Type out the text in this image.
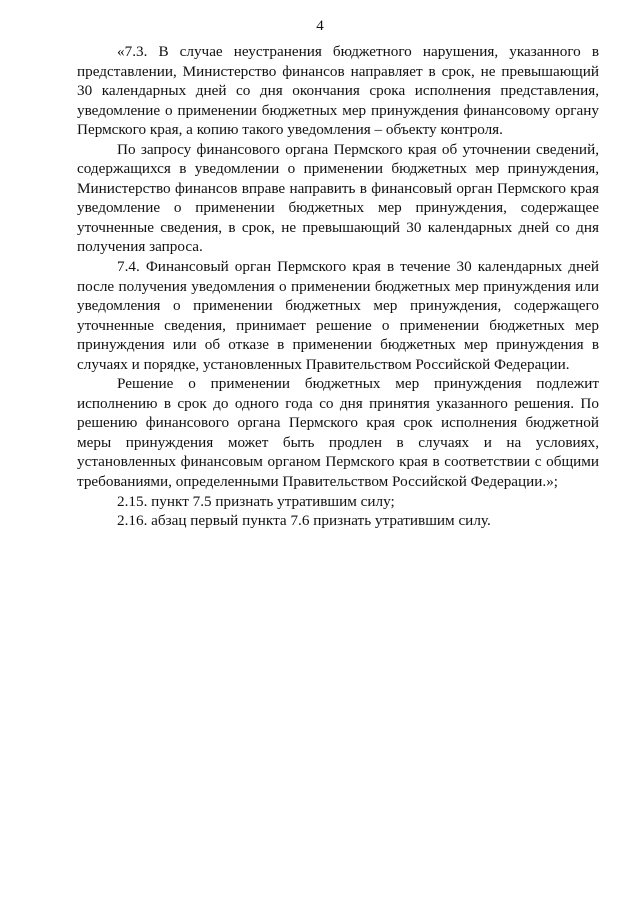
4

«7.3. В случае неустранения бюджетного нарушения, указанного в представлении, Министерство финансов направляет в срок, не превышающий 30 календарных дней со дня окончания срока исполнения представления, уведомление о применении бюджетных мер принуждения финансовому органу Пермского края, а копию такого уведомления – объекту контроля.

По запросу финансового органа Пермского края об уточнении сведений, содержащихся в уведомлении о применении бюджетных мер принуждения, Министерство финансов вправе направить в финансовый орган Пермского края уведомление о применении бюджетных мер принуждения, содержащее уточненные сведения, в срок, не превышающий 30 календарных дней со дня получения запроса.

7.4. Финансовый орган Пермского края в течение 30 календарных дней после получения уведомления о применении бюджетных мер принуждения или уведомления о применении бюджетных мер принуждения, содержащего уточненные сведения, принимает решение о применении бюджетных мер принуждения или об отказе в применении бюджетных мер принуждения в случаях и порядке, установленных Правительством Российской Федерации.

Решение о применении бюджетных мер принуждения подлежит исполнению в срок до одного года со дня принятия указанного решения. По решению финансового органа Пермского края срок исполнения бюджетной меры принуждения может быть продлен в случаях и на условиях, установленных финансовым органом Пермского края в соответствии с общими требованиями, определенными Правительством Российской Федерации.»;

2.15. пункт 7.5 признать утратившим силу;

2.16. абзац первый пункта 7.6 признать утратившим силу.
